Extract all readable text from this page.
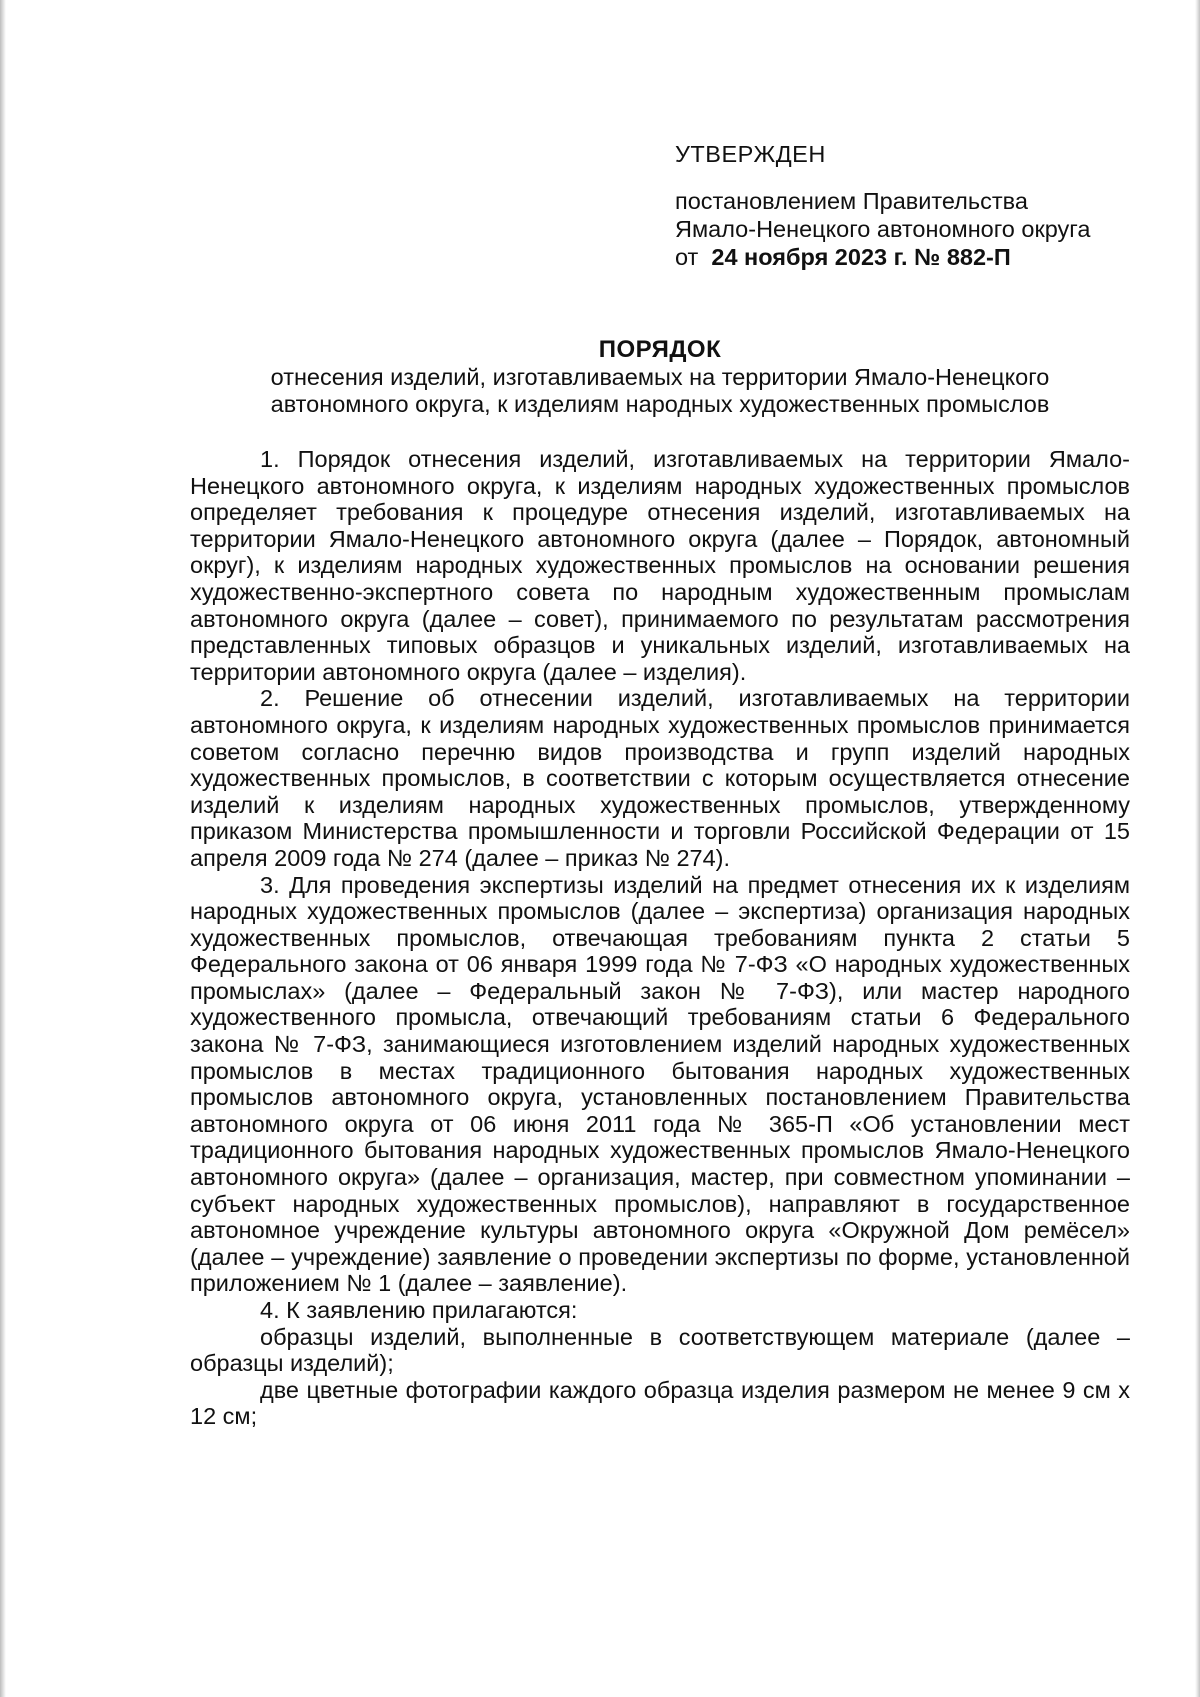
УТВЕРЖДЕН
постановлением Правительства
Ямало-Ненецкого автономного округа
от 24 ноября 2023 г. № 882-П
ПОРЯДОК
отнесения изделий, изготавливаемых на территории Ямало-Ненецкого
автономного округа, к изделиям народных художественных промыслов

1. Порядок отнесения изделий, изготавливаемых на территории Ямало-Ненецкого автономного округа, к изделиям народных художественных промыслов определяет требования к процедуре отнесения изделий, изготавливаемых на территории Ямало-Ненецкого автономного округа (далее – Порядок, автономный округ), к изделиям народных художественных промыслов на основании решения художественно-экспертного совета по народным художественным промыслам автономного округа (далее – совет), принимаемого по результатам рассмотрения представленных типовых образцов и уникальных изделий, изготавливаемых на территории автономного округа (далее – изделия).

2. Решение об отнесении изделий, изготавливаемых на территории автономного округа, к изделиям народных художественных промыслов принимается советом согласно перечню видов производства и групп изделий народных художественных промыслов, в соответствии с которым осуществляется отнесение изделий к изделиям народных художественных промыслов, утвержденному приказом Министерства промышленности и торговли Российской Федерации от 15 апреля 2009 года № 274 (далее – приказ № 274).

3. Для проведения экспертизы изделий на предмет отнесения их к изделиям народных художественных промыслов (далее – экспертиза) организация народных художественных промыслов, отвечающая требованиям пункта 2 статьи 5 Федерального закона от 06 января 1999 года № 7-ФЗ «О народных художественных промыслах» (далее – Федеральный закон № 7-ФЗ), или мастер народного художественного промысла, отвечающий требованиям статьи 6 Федерального закона № 7-ФЗ, занимающиеся изготовлением изделий народных художественных промыслов в местах традиционного бытования народных художественных промыслов автономного округа, установленных постановлением Правительства автономного округа от 06 июня 2011 года № 365-П «Об установлении мест традиционного бытования народных художественных промыслов Ямало-Ненецкого автономного округа» (далее – организация, мастер, при совместном упоминании – субъект народных художественных промыслов), направляют в государственное автономное учреждение культуры автономного округа «Окружной Дом ремёсел» (далее – учреждение) заявление о проведении экспертизы по форме, установленной приложением № 1 (далее – заявление).

4. К заявлению прилагаются:

образцы изделий, выполненные в соответствующем материале (далее – образцы изделий);

две цветные фотографии каждого образца изделия размером не менее 9 см х 12 см;
